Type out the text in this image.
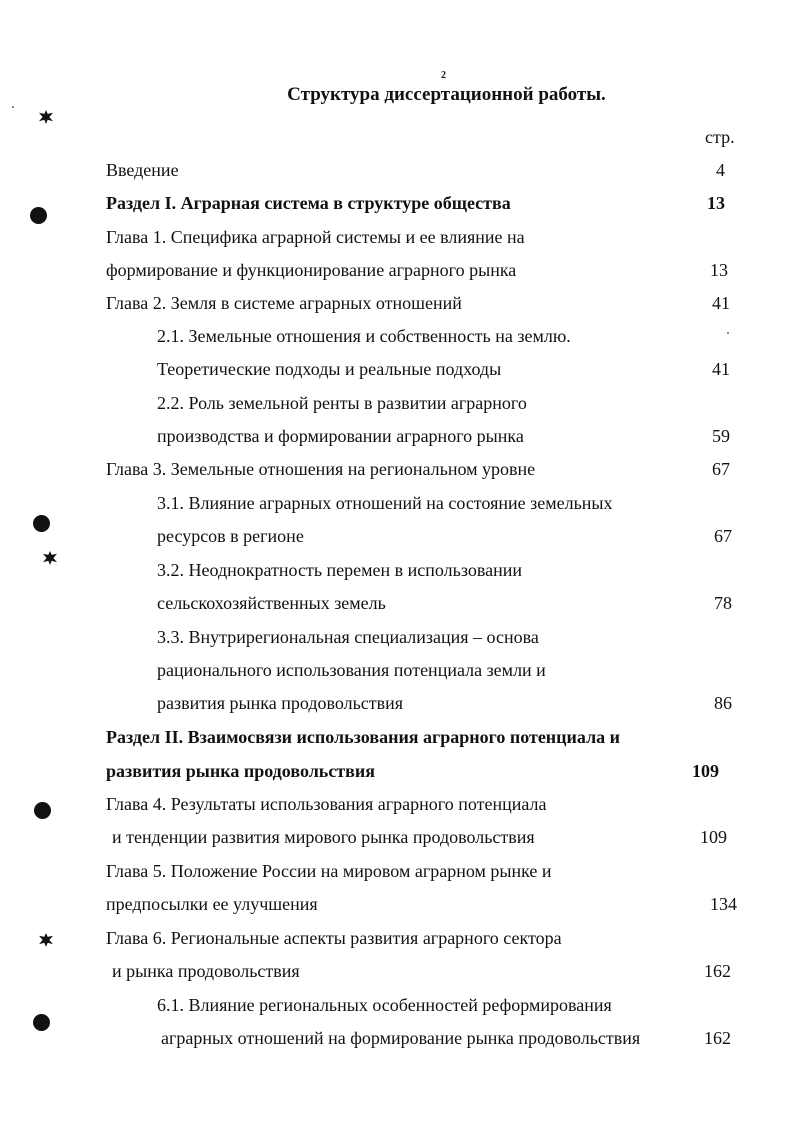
2
Структура диссертационной работы.
стр.
Введение	4
Раздел I. Аграрная система в структуре общества	13
Глава 1. Специфика аграрной системы и ее влияние на
формирование и функционирование аграрного рынка	13
Глава 2. Земля в системе аграрных отношений	41
2.1. Земельные отношения и собственность на землю.
Теоретические подходы и реальные подходы	41
2.2. Роль земельной ренты в развитии аграрного
производства и формировании аграрного рынка	59
Глава 3. Земельные отношения на региональном уровне	67
3.1. Влияние аграрных отношений на состояние земельных
ресурсов в регионе	67
3.2. Неоднократность перемен в использовании
сельскохозяйственных земель	78
3.3. Внутрирегиональная специализация – основа
рационального использования потенциала земли и
развития рынка продовольствия	86
Раздел II. Взаимосвязи использования аграрного потенциала и
развития рынка продовольствия	109
Глава 4. Результаты использования аграрного потенциала
и тенденции развития мирового рынка продовольствия	109
Глава 5. Положение России на мировом аграрном рынке и
предпосылки ее улучшения	134
Глава 6. Региональные аспекты развития аграрного сектора
и рынка продовольствия	162
6.1. Влияние региональных особенностей реформирования
аграрных отношений на формирование рынка продовольствия	162
